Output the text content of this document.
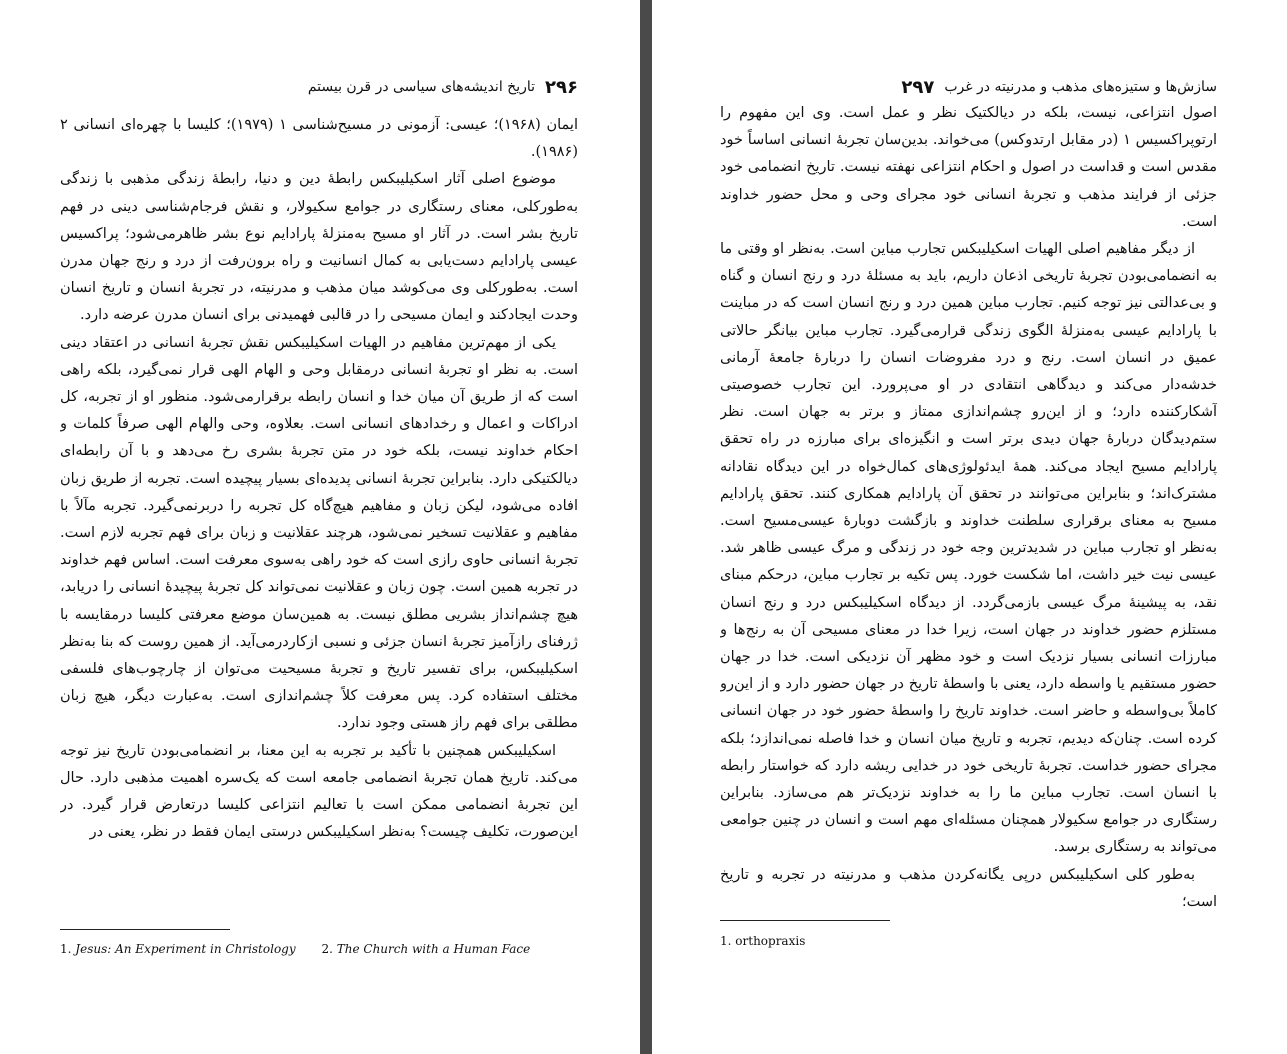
۲۹۶
تاریخ اندیشه‌های سیاسی در قرن بیستم

ایمان (۱۹۶۸)؛ عیسی: آزمونی در مسیح‌شناسی ۱ (۱۹۷۹)؛ کلیسا با چهره‌ای انسانی ۲ (۱۹۸۶).

موضوع اصلی آثار اسکیلیبکس رابطهٔ دین و دنیا، رابطهٔ زندگی مذهبی با زندگی به‌طورکلی، معنای رستگاری در جوامع سکیولار، و نقش فرجام‌شناسی دینی در فهم تاریخ بشر است. در آثار او مسیح به‌منزلهٔ پارادایم نوع بشر ظاهرمی‌شود؛ پراکسیس عیسی پارادایم دست‌یابی به کمال انسانیت و راه برون‌رفت از درد و رنج جهان مدرن است. به‌طورکلی وی می‌کوشد میان مذهب و مدرنیته، در تجربهٔ انسان و تاریخ انسان وحدت ایجادکند و ایمان مسیحی را در قالبی فهمیدنی برای انسان مدرن عرضه دارد.

یکی از مهم‌ترین مفاهیم در الهیات اسکیلیبکس نقش تجربهٔ انسانی در اعتقاد دینی است. به نظر او تجربهٔ انسانی درمقابل وحی و الهام الهی قرار نمی‌گیرد، بلکه راهی است که از طریق آن میان خدا و انسان رابطه برقرارمی‌شود. منظور او از تجربه، کل ادراکات و اعمال و رخدادهای انسانی است. بعلاوه، وحی والهام الهی صرفاً کلمات و احکام خداوند نیست، بلکه خود در متن تجربهٔ بشری رخ می‌دهد و با آن رابطه‌ای دیالکتیکی دارد. بنابراین تجربهٔ انسانی پدیده‌ای بسیار پیچیده است. تجربه از طریق زبان افاده می‌شود، لیکن زبان و مفاهیم هیچ‌گاه کل تجربه را دربرنمی‌گیرد. تجربه مآلاً با مفاهیم و عقلانیت تسخیر نمی‌شود، هرچند عقلانیت و زبان برای فهم تجربه لازم است. تجربهٔ انسانی حاوی رازی است که خود راهی به‌سوی معرفت است. اساس فهم خداوند در تجربه همین است. چون زبان و عقلانیت نمی‌تواند کل تجربهٔ پیچیدهٔ انسانی را دریابد، هیچ چشم‌انداز بشریی مطلق نیست. به همین‌سان موضع معرفتی کلیسا درمقایسه با ژرفنای رازآمیز تجربهٔ انسان جزئی و نسبی ازکاردرمی‌آید. از همین روست که بنا به‌نظر اسکیلیبکس، برای تفسیر تاریخ و تجربهٔ مسیحیت می‌توان از چارچوب‌های فلسفی مختلف استفاده کرد. پس معرفت کلاً چشم‌اندازی است. به‌عبارت دیگر، هیچ زبان مطلقی برای فهم راز هستی وجود ندارد.

اسکیلیبکس همچنین با تأکید بر تجربه به این معنا، بر انضمامی‌بودن تاریخ نیز توجه می‌کند. تاریخ همان تجربهٔ انضمامی جامعه است که یک‌سره اهمیت مذهبی دارد. حال این تجربهٔ انضمامی ممکن است با تعالیم انتزاعی کلیسا درتعارض قرار گیرد. در این‌صورت، تکلیف چیست؟ به‌نظر اسکیلیبکس درستی ایمان فقط در نظر، یعنی در

1. Jesus: An Experiment in Christology 2. The Church with a Human Face
سازش‌ها و ستیزه‌های مذهب و مدرنیته در غرب
۲۹۷

اصول انتزاعی، نیست، بلکه در دیالکتیک نظر و عمل است. وی این مفهوم را ارتوپراکسیس ۱ (در مقابل ارتدوکس) می‌خواند. بدین‌سان تجربهٔ انسانی اساساً خود مقدس است و قداست در اصول و احکام انتزاعی نهفته نیست. تاریخ انضمامی خود جزئی از فرایند مذهب و تجربهٔ انسانی خود مجرای وحی و محل حضور خداوند است.

از دیگر مفاهیم اصلی الهیات اسکیلیبکس تجارب مباین است. به‌نظر او وقتی ما به انضمامی‌بودن تجربهٔ تاریخی اذعان داریم، باید به مسئلهٔ درد و رنج انسان و گناه و بی‌عدالتی نیز توجه کنیم. تجارب مباین همین درد و رنج انسان است که در مباینت با پارادایم عیسی به‌منزلهٔ الگوی زندگی قرارمی‌گیرد. تجارب مباین بیانگر حالاتی عمیق در انسان است. رنج و درد مفروضات انسان را دربارهٔ جامعهٔ آرمانی خدشه‌دار می‌کند و دیدگاهی انتقادی در او می‌پرورد. این تجارب خصوصیتی آشکارکننده دارد؛ و از این‌رو چشم‌اندازی ممتاز و برتر به جهان است. نظر ستم‌دیدگان دربارهٔ جهان دیدی برتر است و انگیزه‌ای برای مبارزه در راه تحقق پارادایم مسیح ایجاد می‌کند. همهٔ ایدئولوژی‌های کمال‌خواه در این دیدگاه نقادانه مشترک‌اند؛ و بنابراین می‌توانند در تحقق آن پارادایم همکاری کنند. تحقق پارادایم مسیح به معنای برقراری سلطنت خداوند و بازگشت دوبارهٔ عیسی‌مسیح است. به‌نظر او تجارب مباین در شدیدترین وجه خود در زندگی و مرگ عیسی ظاهر شد. عیسی نیت خیر داشت، اما شکست خورد. پس تکیه بر تجارب مباین، درحکم مبنای نقد، به پیشینهٔ مرگ عیسی بازمی‌گردد. از دیدگاه اسکیلیبکس درد و رنج انسان مستلزم حضور خداوند در جهان است، زیرا خدا در معنای مسیحی آن به رنج‌ها و مبارزات انسانی بسیار نزدیک است و خود مظهر آن نزدیکی است. خدا در جهان حضور مستقیم یا واسطه دارد، یعنی با واسطهٔ تاریخ در جهان حضور دارد و از این‌رو کاملاً بی‌واسطه و حاضر است. خداوند تاریخ را واسطهٔ حضور خود در جهان انسانی کرده است. چنان‌که دیدیم، تجربه و تاریخ میان انسان و خدا فاصله نمی‌اندازد؛ بلکه مجرای حضور خداست. تجربهٔ تاریخی خود در خدایی ریشه دارد که خواستار رابطه با انسان است. تجارب مباین ما را به خداوند نزدیک‌تر هم می‌سازد. بنابراین رستگاری در جوامع سکیولار همچنان مسئله‌ای مهم است و انسان در چنین جوامعی می‌تواند به رستگاری برسد.

به‌طور کلی اسکیلیبکس درپی یگانه‌کردن مذهب و مدرنیته در تجربه و تاریخ است؛

1. orthopraxis
